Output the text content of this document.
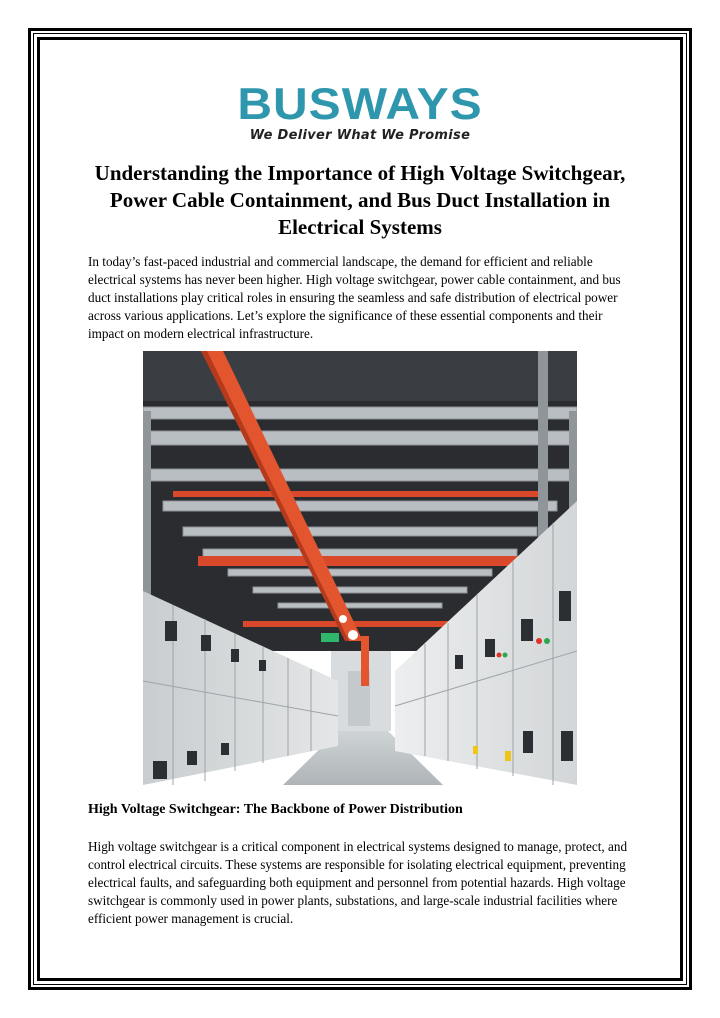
BUSWAYS
We Deliver What We Promise
Understanding the Importance of High Voltage Switchgear, Power Cable Containment, and Bus Duct Installation in Electrical Systems

In today’s fast-paced industrial and commercial landscape, the demand for efficient and reliable electrical systems has never been higher. High voltage switchgear, power cable containment, and bus duct installations play critical roles in ensuring the seamless and safe distribution of electrical power across various applications. Let’s explore the significance of these essential components and their impact on modern electrical infrastructure.

High Voltage Switchgear: The Backbone of Power Distribution

High voltage switchgear is a critical component in electrical systems designed to manage, protect, and control electrical circuits. These systems are responsible for isolating electrical equipment, preventing electrical faults, and safeguarding both equipment and personnel from potential hazards. High voltage switchgear is commonly used in power plants, substations, and large-scale industrial facilities where efficient power management is crucial.
